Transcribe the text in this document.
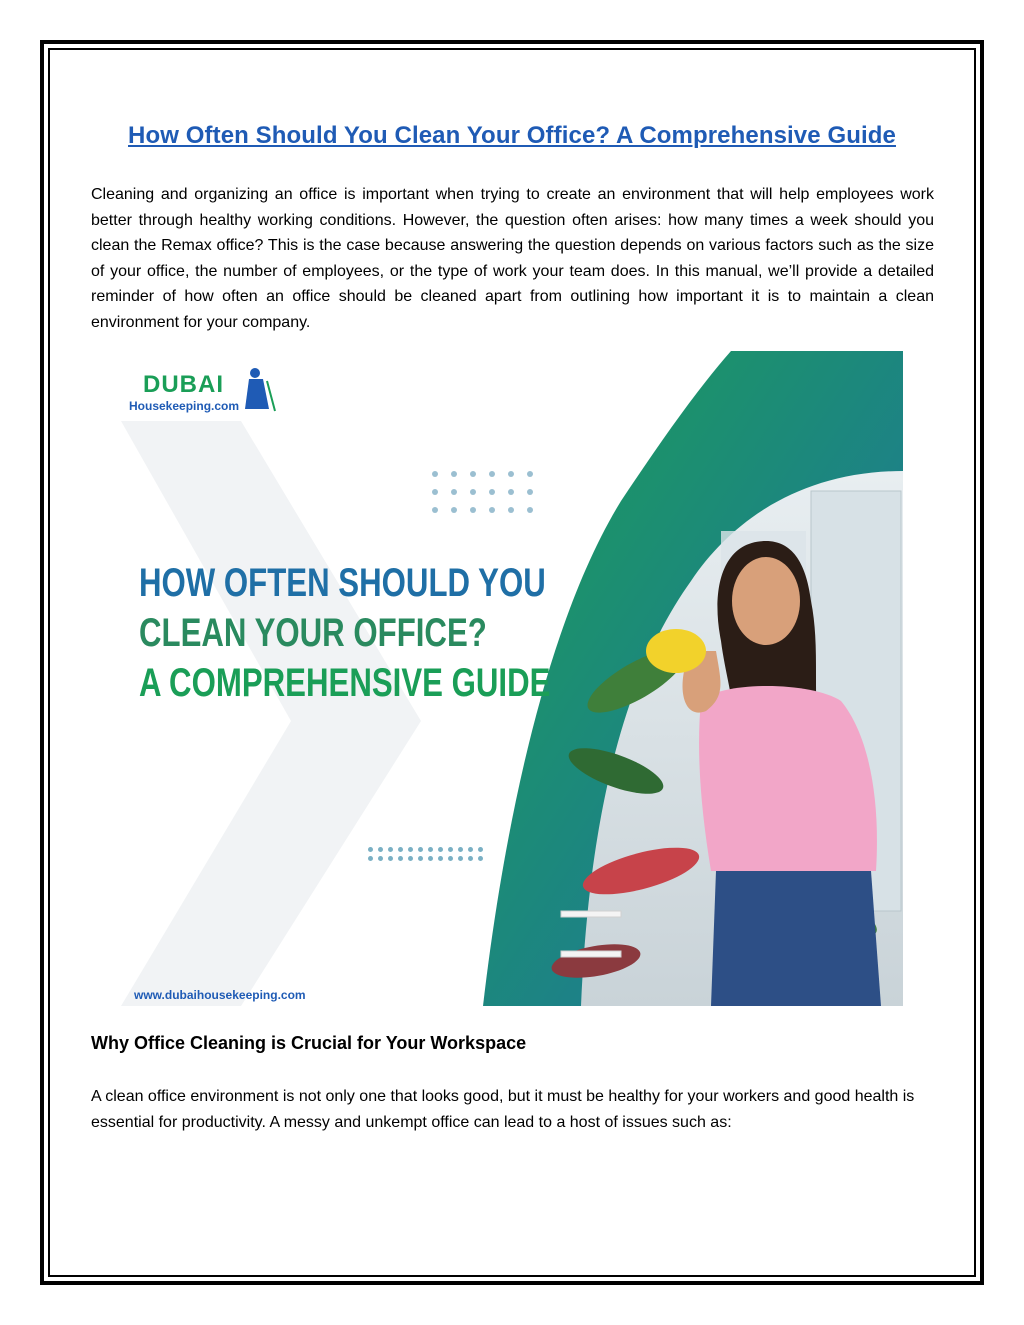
How Often Should You Clean Your Office? A Comprehensive Guide

Cleaning and organizing an office is important when trying to create an environment that will help employees work better through healthy working conditions. However, the question often arises: how many times a week should you clean the Remax office? This is the case because answering the question depends on various factors such as the size of your office, the number of employees, or the type of work your team does. In this manual, we’ll provide a detailed reminder of how often an office should be cleaned apart from outlining how important it is to maintain a clean environment for your company.

DUBAI
Housekeeping.com
HOW OFTEN SHOULD YOU
CLEAN YOUR OFFICE?
A COMPREHENSIVE GUIDE
www.dubaihousekeeping.com
Why Office Cleaning is Crucial for Your Workspace

A clean office environment is not only one that looks good, but it must be healthy for your workers and good health is essential for productivity. A messy and unkempt office can lead to a host of issues such as:
